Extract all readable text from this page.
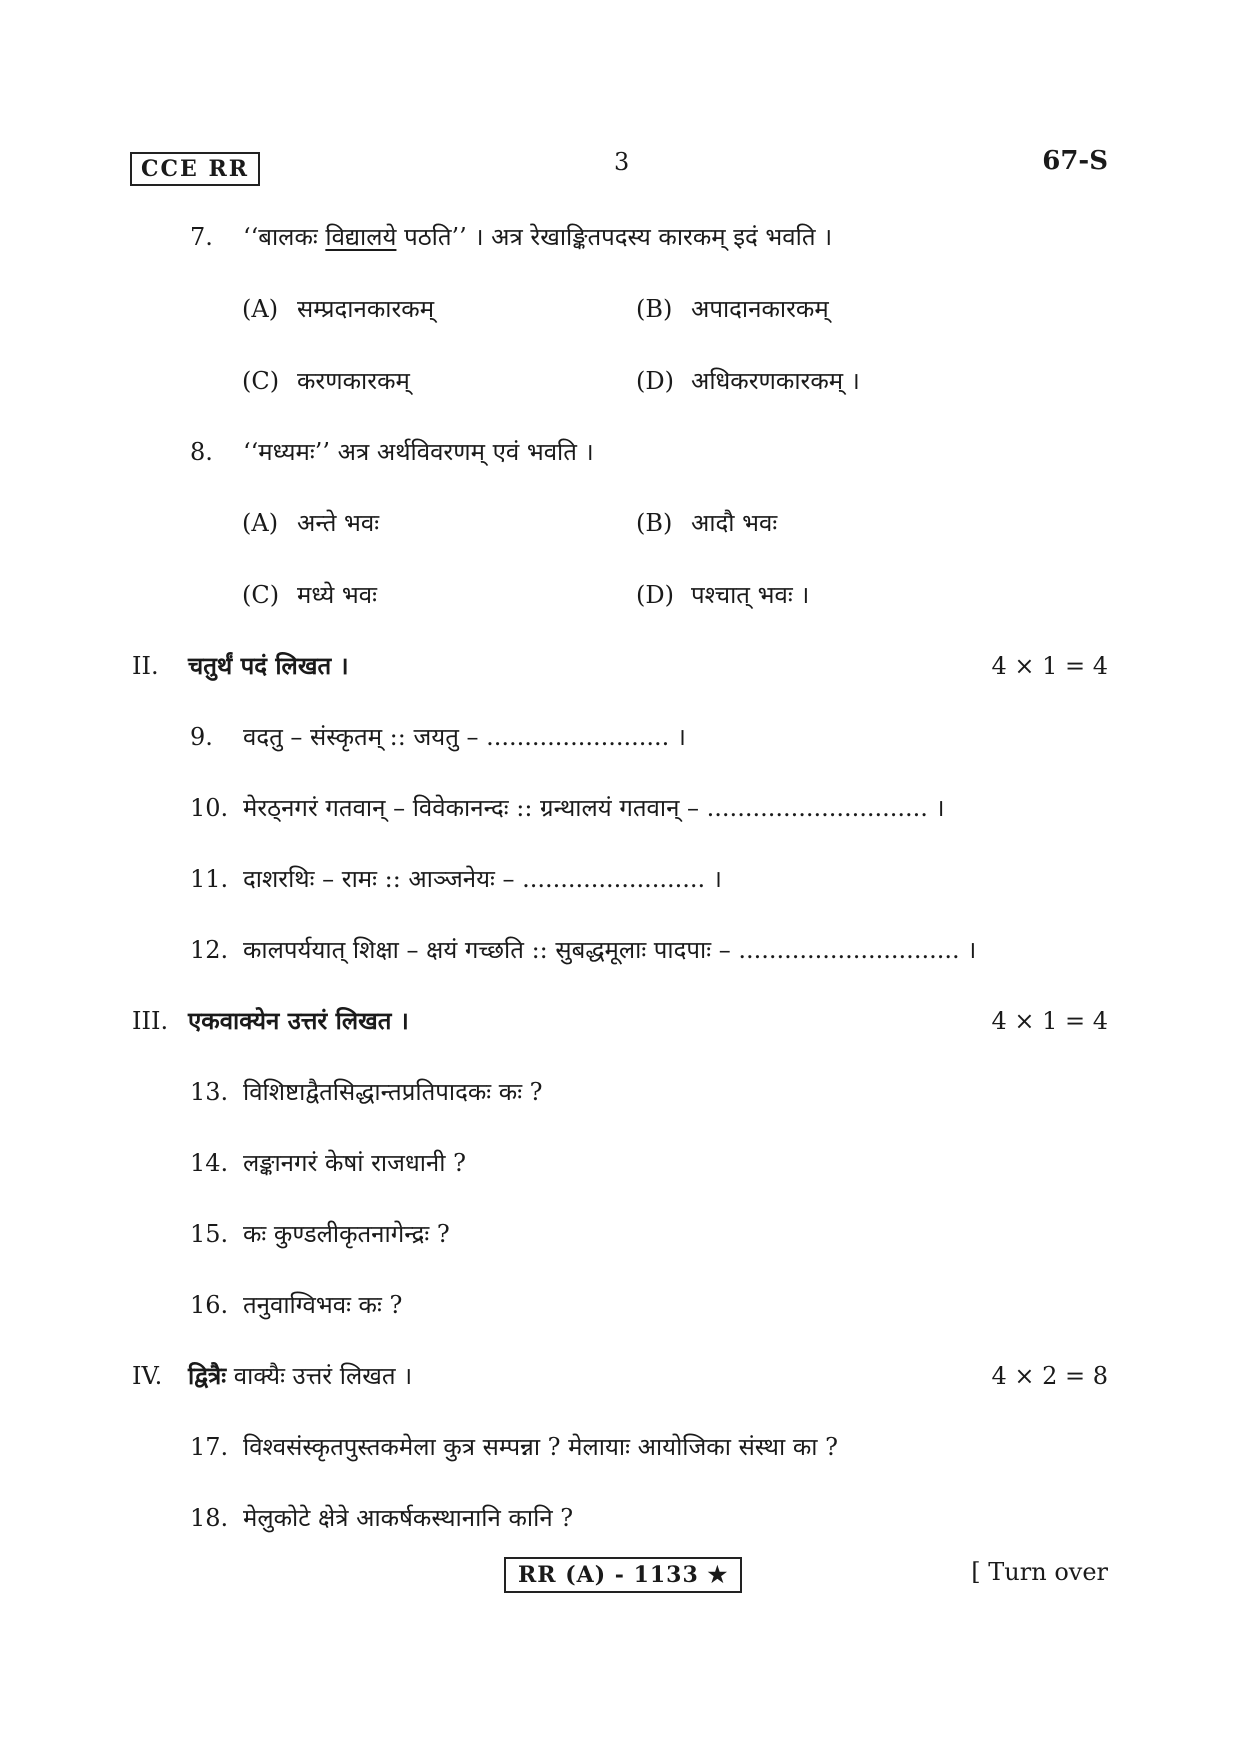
CCE RR	3	67-S
7. ‘‘बालकः विद्यालये पठति’’ । अत्र रेखाङ्कितपदस्य कारकम् इदं भवति ।
(A) सम्प्रदानकारकम्	(B) अपादानकारकम्
(C) करणकारकम्	(D) अधिकरणकारकम् ।
8. ‘‘मध्यमः’’ अत्र अर्थविवरणम् एवं भवति ।
(A) अन्ते भवः	(B) आदौ भवः
(C) मध्ये भवः	(D) पश्चात् भवः ।
II. चतुर्थं पदं लिखत ।	4 × 1 = 4
9. वदतु – संस्कृतम् :: जयतु – ........................ ।
10. मेरठ्नगरं गतवान् – विवेकानन्दः :: ग्रन्थालयं गतवान् – ............................. ।
11. दाशरथिः – रामः :: आञ्जनेयः – ........................ ।
12. कालपर्ययात् शिक्षा – क्षयं गच्छति :: सुबद्धमूलाः पादपाः – ............................. ।
III. एकवाक्येन उत्तरं लिखत ।	4 × 1 = 4
13. विशिष्टाद्वैतसिद्धान्तप्रतिपादकः कः ?
14. लङ्कानगरं केषां राजधानी ?
15. कः कुण्डलीकृतनागेन्द्रः ?
16. तनुवाग्विभवः कः ?
IV. द्वित्रैः वाक्यैः उत्तरं लिखत ।	4 × 2 = 8
17. विश्वसंस्कृतपुस्तकमेला कुत्र सम्पन्ना ? मेलायाः आयोजिका संस्था का ?
18. मेलुकोटे क्षेत्रे आकर्षकस्थानानि कानि ?
RR (A) - 1133 ★	[ Turn over
